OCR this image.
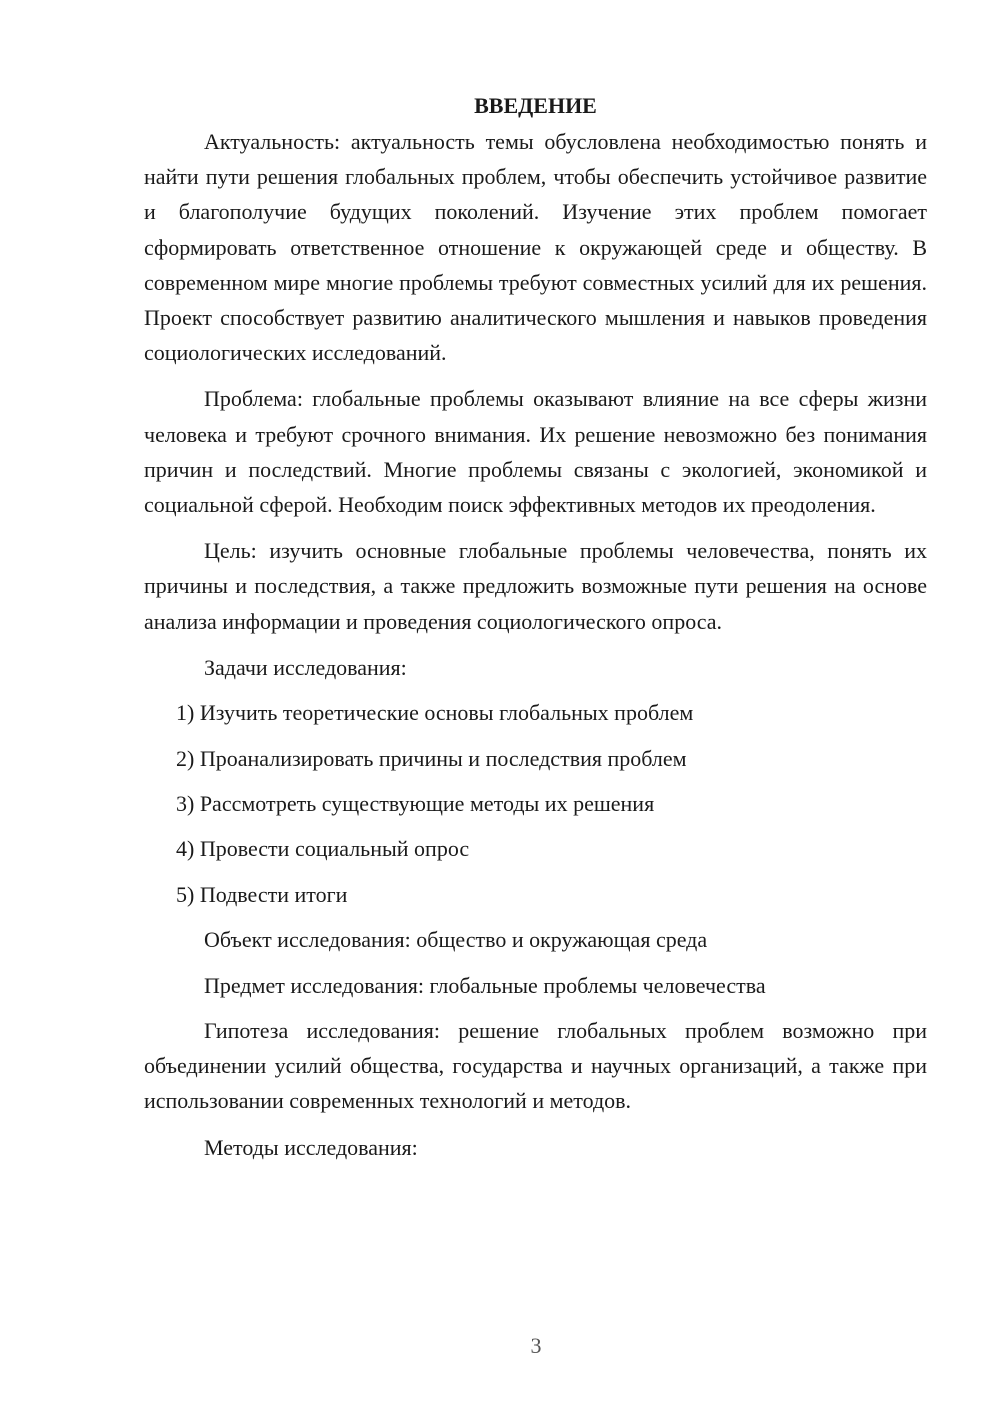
ВВЕДЕНИЕ
Актуальность: актуальность темы обусловлена необходимостью понять и найти пути решения глобальных проблем, чтобы обеспечить устойчивое развитие и благополучие будущих поколений. Изучение этих проблем помогает сформировать ответственное отношение к окружающей среде и обществу. В современном мире многие проблемы требуют совместных усилий для их решения. Проект способствует развитию аналитического мышления и навыков проведения социологических исследований.
Проблема: глобальные проблемы оказывают влияние на все сферы жизни человека и требуют срочного внимания. Их решение невозможно без понимания причин и последствий. Многие проблемы связаны с экологией, экономикой и социальной сферой. Необходим поиск эффективных методов их преодоления.
Цель: изучить основные глобальные проблемы человечества, понять их причины и последствия, а также предложить возможные пути решения на основе анализа информации и проведения социологического опроса.
Задачи исследования:
1) Изучить теоретические основы глобальных проблем
2) Проанализировать причины и последствия проблем
3) Рассмотреть существующие методы их решения
4) Провести социальный опрос
5) Подвести итоги
Объект исследования: общество и окружающая среда
Предмет исследования: глобальные проблемы человечества
Гипотеза исследования: решение глобальных проблем возможно при объединении усилий общества, государства и научных организаций, а также при использовании современных технологий и методов.
Методы исследования:
3
